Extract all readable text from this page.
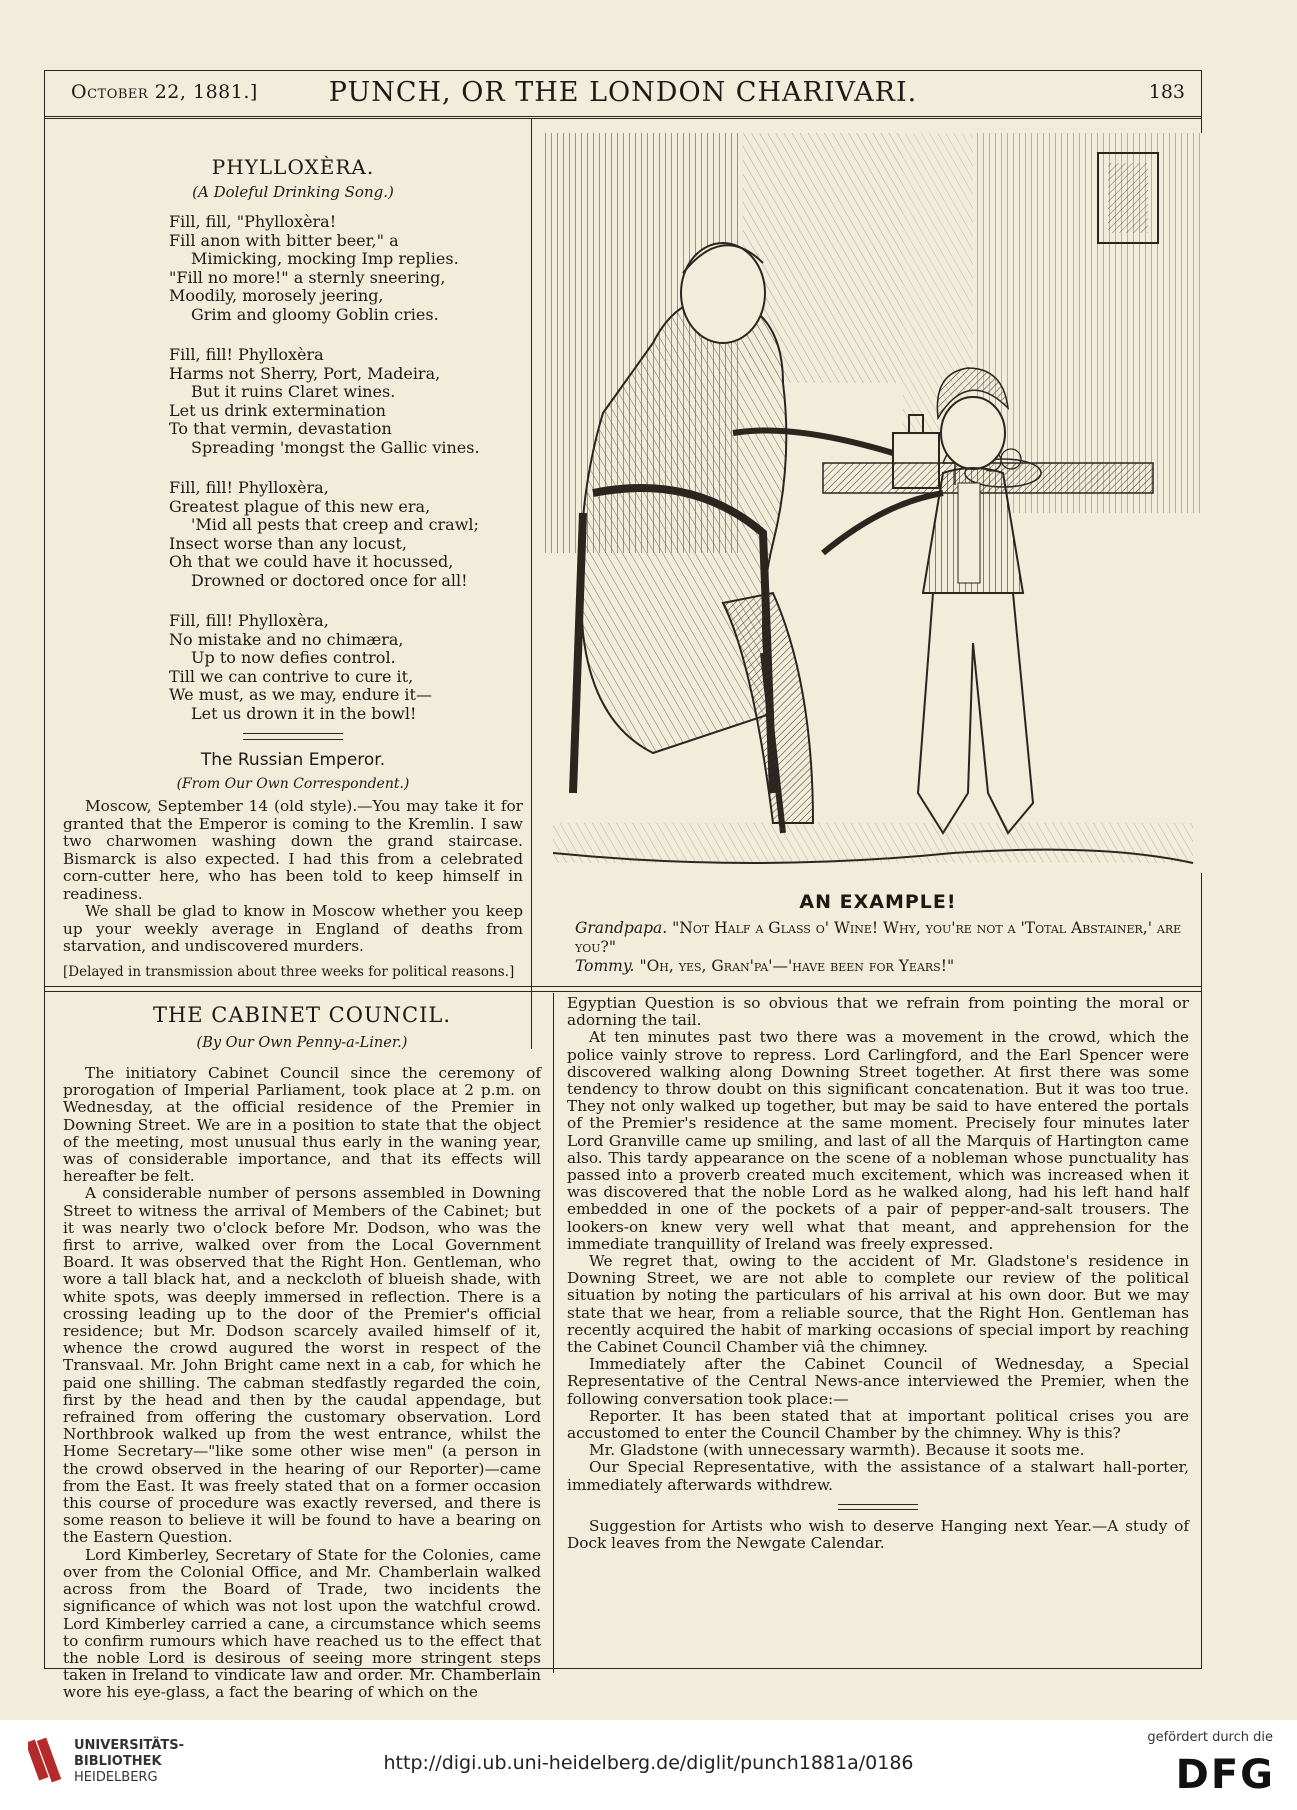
October 22, 1881.]	PUNCH, OR THE LONDON CHARIVARI.	183
PHYLLOXÈRA.
(A Doleful Drinking Song.)
Fill, fill, "Phylloxèra!
Fill anon with bitter beer," a
Mimicking, mocking Imp replies.
"Fill no more!" a sternly sneering,
Moodily, morosely jeering,
Grim and gloomy Goblin cries.
Fill, fill! Phylloxèra
Harms not Sherry, Port, Madeira,
But it ruins Claret wines.
Let us drink extermination
To that vermin, devastation
Spreading 'mongst the Gallic vines.
Fill, fill! Phylloxèra,
Greatest plague of this new era,
'Mid all pests that creep and crawl;
Insect worse than any locust,
Oh that we could have it hocussed,
Drowned or doctored once for all!
Fill, fill! Phylloxèra,
No mistake and no chimæra,
Up to now defies control.
Till we can contrive to cure it,
We must, as we may, endure it—
Let us drown it in the bowl!
The Russian Emperor.
(From Our Own Correspondent.)

Moscow, September 14 (old style).—You may take it for granted that the Emperor is coming to the Kremlin. I saw two charwomen washing down the grand staircase. Bismarck is also expected. I had this from a celebrated corn-cutter here, who has been told to keep himself in readiness.

We shall be glad to know in Moscow whether you keep up your weekly average in England of deaths from starvation, and undiscovered murders.

[Delayed in transmission about three weeks for political reasons.]
AN EXAMPLE!

Grandpapa. "Not Half a Glass o' Wine! Why, you're not a 'Total Abstainer,' are you?"

Tommy. "Oh, yes, Gran'pa'—'have been for Years!"

THE CABINET COUNCIL.
(By Our Own Penny-a-Liner.)

The initiatory Cabinet Council since the ceremony of prorogation of Imperial Parliament, took place at 2 p.m. on Wednesday, at the official residence of the Premier in Downing Street. We are in a position to state that the object of the meeting, most unusual thus early in the waning year, was of considerable importance, and that its effects will hereafter be felt.

A considerable number of persons assembled in Downing Street to witness the arrival of Members of the Cabinet; but it was nearly two o'clock before Mr. Dodson, who was the first to arrive, walked over from the Local Government Board. It was observed that the Right Hon. Gentleman, who wore a tall black hat, and a neckcloth of blueish shade, with white spots, was deeply immersed in reflection. There is a crossing leading up to the door of the Premier's official residence; but Mr. Dodson scarcely availed himself of it, whence the crowd augured the worst in respect of the Transvaal. Mr. John Bright came next in a cab, for which he paid one shilling. The cabman stedfastly regarded the coin, first by the head and then by the caudal appendage, but refrained from offering the customary observation. Lord Northbrook walked up from the west entrance, whilst the Home Secretary—"like some other wise men" (a person in the crowd observed in the hearing of our Reporter)—came from the East. It was freely stated that on a former occasion this course of procedure was exactly reversed, and there is some reason to believe it will be found to have a bearing on the Eastern Question.

Lord Kimberley, Secretary of State for the Colonies, came over from the Colonial Office, and Mr. Chamberlain walked across from the Board of Trade, two incidents the significance of which was not lost upon the watchful crowd. Lord Kimberley carried a cane, a circumstance which seems to confirm rumours which have reached us to the effect that the noble Lord is desirous of seeing more stringent steps taken in Ireland to vindicate law and order. Mr. Chamberlain wore his eye-glass, a fact the bearing of which on the

Egyptian Question is so obvious that we refrain from pointing the moral or adorning the tail.

At ten minutes past two there was a movement in the crowd, which the police vainly strove to repress. Lord Carlingford, and the Earl Spencer were discovered walking along Downing Street together. At first there was some tendency to throw doubt on this significant concatenation. But it was too true. They not only walked up together, but may be said to have entered the portals of the Premier's residence at the same moment. Precisely four minutes later Lord Granville came up smiling, and last of all the Marquis of Hartington came also. This tardy appearance on the scene of a nobleman whose punctuality has passed into a proverb created much excitement, which was increased when it was discovered that the noble Lord as he walked along, had his left hand half embedded in one of the pockets of a pair of pepper-and-salt trousers. The lookers-on knew very well what that meant, and apprehension for the immediate tranquillity of Ireland was freely expressed.

We regret that, owing to the accident of Mr. Gladstone's residence in Downing Street, we are not able to complete our review of the political situation by noting the particulars of his arrival at his own door. But we may state that we hear, from a reliable source, that the Right Hon. Gentleman has recently acquired the habit of marking occasions of special import by reaching the Cabinet Council Chamber viâ the chimney.

Immediately after the Cabinet Council of Wednesday, a Special Representative of the Central News-ance interviewed the Premier, when the following conversation took place:—

Reporter. It has been stated that at important political crises you are accustomed to enter the Council Chamber by the chimney. Why is this?

Mr. Gladstone (with unnecessary warmth). Because it soots me.

Our Special Representative, with the assistance of a stalwart hall-porter, immediately afterwards withdrew.

Suggestion for Artists who wish to deserve Hanging next Year.—A study of Dock leaves from the Newgate Calendar.

UNIVERSITÄTS-
BIBLIOTHEK
HEIDELBERG
http://digi.ub.uni-heidelberg.de/diglit/punch1881a/0186
gefördert durch die
DFG
